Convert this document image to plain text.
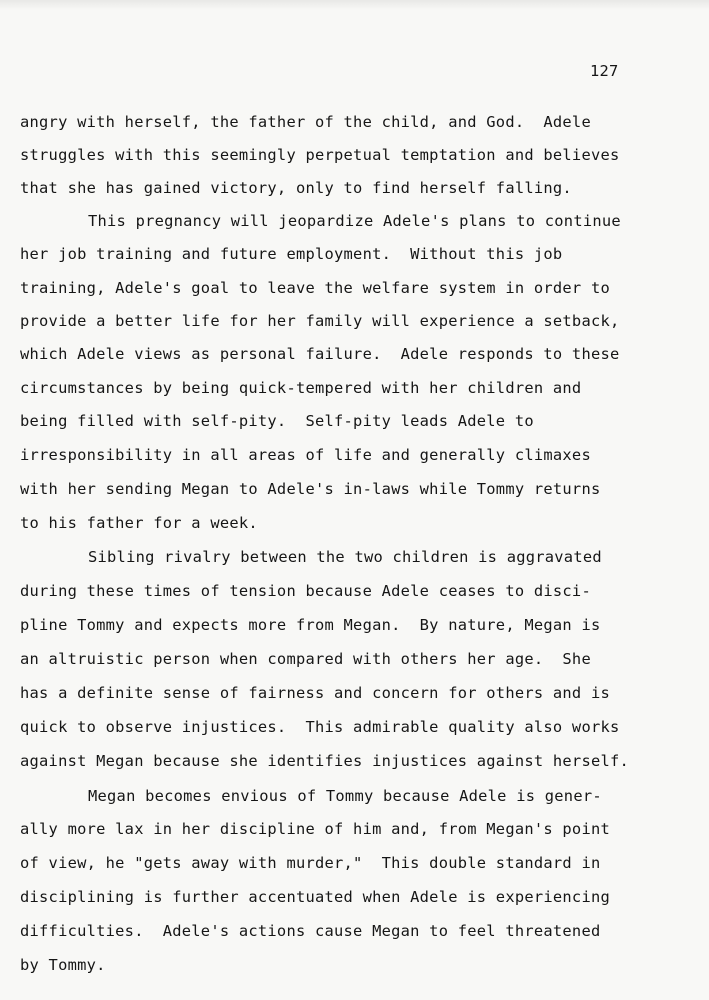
127
angry with herself, the father of the child, and God.  Adele
struggles with this seemingly perpetual temptation and believes
that she has gained victory, only to find herself falling.
This pregnancy will jeopardize Adele's plans to continue
her job training and future employment.  Without this job
training, Adele's goal to leave the welfare system in order to
provide a better life for her family will experience a setback,
which Adele views as personal failure.  Adele responds to these
circumstances by being quick-tempered with her children and
being filled with self-pity.  Self-pity leads Adele to
irresponsibility in all areas of life and generally climaxes
with her sending Megan to Adele's in-laws while Tommy returns
to his father for a week.
Sibling rivalry between the two children is aggravated
during these times of tension because Adele ceases to disci-
pline Tommy and expects more from Megan.  By nature, Megan is
an altruistic person when compared with others her age.  She
has a definite sense of fairness and concern for others and is
quick to observe injustices.  This admirable quality also works
against Megan because she identifies injustices against herself.
Megan becomes envious of Tommy because Adele is gener-
ally more lax in her discipline of him and, from Megan's point
of view, he "gets away with murder,"  This double standard in
disciplining is further accentuated when Adele is experiencing
difficulties.  Adele's actions cause Megan to feel threatened
by Tommy.
